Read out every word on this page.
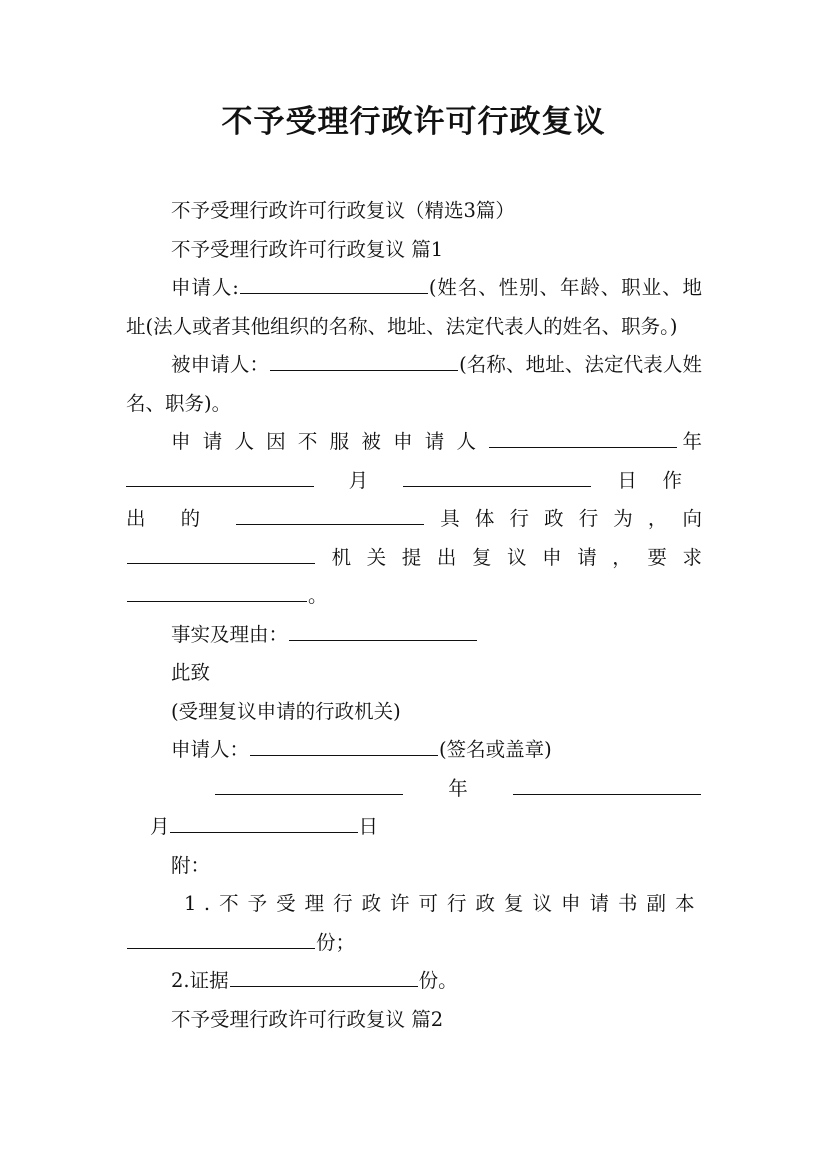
不予受理行政许可行政复议

不予受理行政许可行政复议（精选3篇）

不予受理行政许可行政复议 篇1

申请人:	(姓名、性别、年龄、职业、地址(法人或者其他组织的名称、地址、法定代表人的姓名、职务。)

被申请人：	(名称、地址、法定代表人姓名、职务)。

申请人因不服被申请人	年月	日作出的	具体行政行为，向机关提出复议申请，要求。

事实及理由：

此致

(受理复议申请的行政机关)

申请人：	(签名或盖章)

年月	日

附：

1.不予受理行政许可行政复议申请书副本份；

2.证据	份。

不予受理行政许可行政复议 篇2
